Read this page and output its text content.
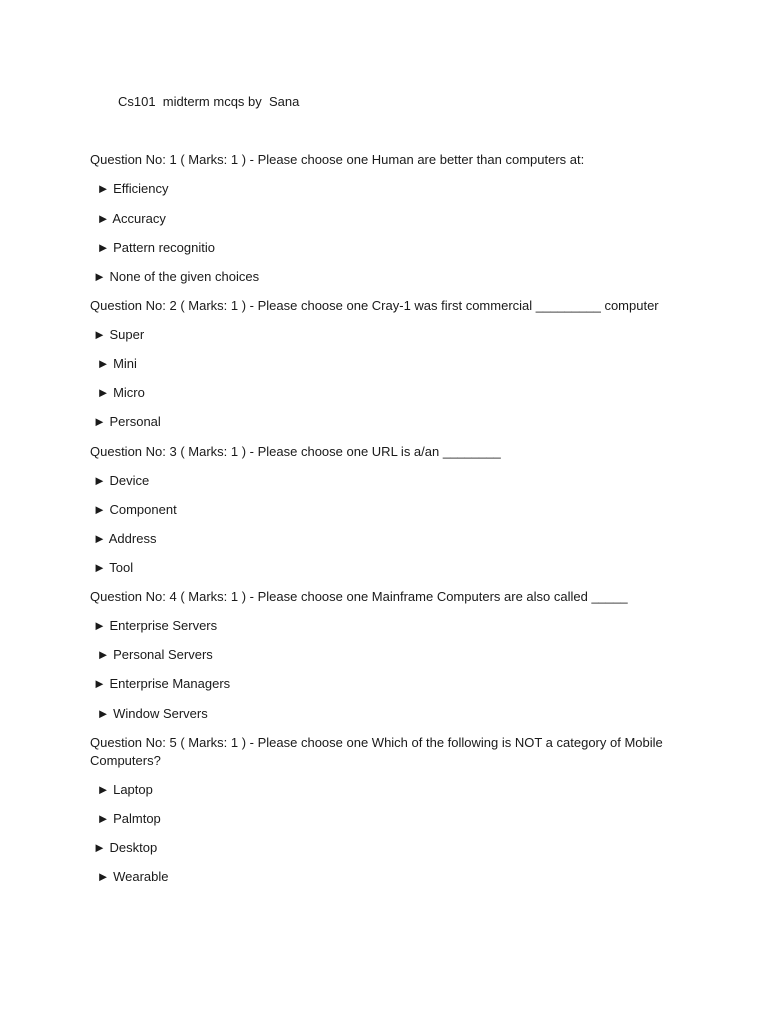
Cs101  midterm mcqs by  Sana
Question No: 1 ( Marks: 1 ) - Please choose one Human are better than computers at:
► Efficiency
► Accuracy
► Pattern recognitio
► None of the given choices
Question No: 2 ( Marks: 1 ) - Please choose one Cray-1 was first commercial _________ computer
► Super
► Mini
► Micro
► Personal
Question No: 3 ( Marks: 1 ) - Please choose one URL is a/an ________
► Device
► Component
► Address
► Tool
Question No: 4 ( Marks: 1 ) - Please choose one Mainframe Computers are also called _____
► Enterprise Servers
► Personal Servers
► Enterprise Managers
► Window Servers
Question No: 5 ( Marks: 1 ) - Please choose one Which of the following is NOT a category of Mobile Computers?
► Laptop
► Palmtop
► Desktop
► Wearable
